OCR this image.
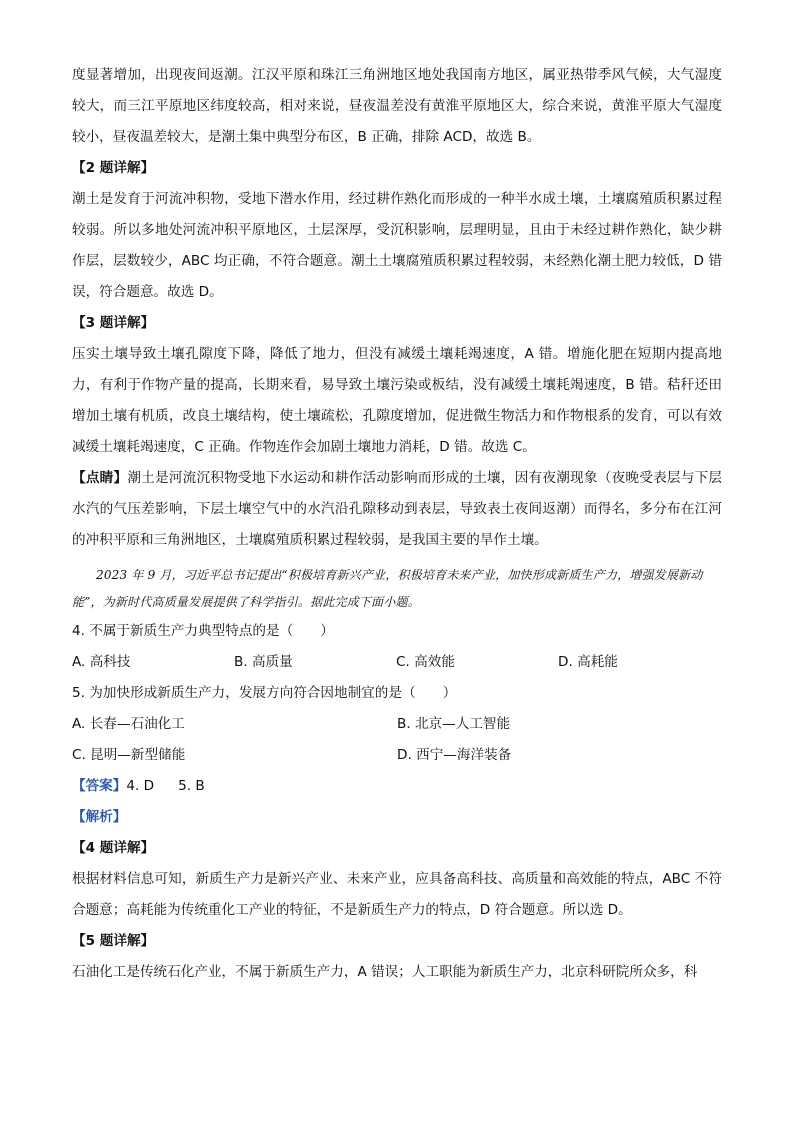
度显著增加，出现夜间返潮。江汉平原和珠江三角洲地区地处我国南方地区，属亚热带季风气候，大气湿度较大，而三江平原地区纬度较高，相对来说，昼夜温差没有黄淮平原地区大，综合来说，黄淮平原大气湿度较小，昼夜温差较大，是潮土集中典型分布区，B 正确，排除 ACD，故选 B。

【2 题详解】

潮土是发育于河流冲积物，受地下潜水作用，经过耕作熟化而形成的一种半水成土壤，土壤腐殖质积累过程较弱。所以多地处河流冲积平原地区，土层深厚，受沉积影响，层理明显，且由于未经过耕作熟化，缺少耕作层，层数较少，ABC 均正确，不符合题意。潮土土壤腐殖质积累过程较弱，未经熟化潮土肥力较低，D 错误，符合题意。故选 D。

【3 题详解】

压实土壤导致土壤孔隙度下降，降低了地力，但没有减缓土壤耗竭速度，A 错。增施化肥在短期内提高地力，有利于作物产量的提高，长期来看，易导致土壤污染或板结，没有减缓土壤耗竭速度，B 错。秸秆还田增加土壤有机质，改良土壤结构，使土壤疏松，孔隙度增加，促进微生物活力和作物根系的发育，可以有效减缓土壤耗竭速度，C 正确。作物连作会加剧土壤地力消耗，D 错。故选 C。

【点睛】潮土是河流沉积物受地下水运动和耕作活动影响而形成的土壤，因有夜潮现象（夜晚受表层与下层水汽的气压差影响，下层土壤空气中的水汽沿孔隙移动到表层，导致表土夜间返潮）而得名，多分布在江河的冲积平原和三角洲地区，土壤腐殖质积累过程较弱，是我国主要的旱作土壤。

2023 年 9 月，习近平总书记提出“积极培育新兴产业，积极培育未来产业，加快形成新质生产力，增强发展新动能”，为新时代高质量发展提供了科学指引。据此完成下面小题。

4. 不属于新质生产力典型特点的是（　　）

A. 高科技	B. 高质量	C. 高效能	D. 高耗能

5. 为加快形成新质生产力，发展方向符合因地制宜的是（　　）

A. 长春—石油化工	B. 北京—人工智能
C. 昆明—新型储能	D. 西宁—海洋装备

【答案】4. D 5. B

【解析】

【4 题详解】

根据材料信息可知，新质生产力是新兴产业、未来产业，应具备高科技、高质量和高效能的特点，ABC 不符合题意；高耗能为传统重化工产业的特征，不是新质生产力的特点，D 符合题意。所以选 D。

【5 题详解】

石油化工是传统石化产业，不属于新质生产力，A 错误；人工职能为新质生产力，北京科研院所众多，科
